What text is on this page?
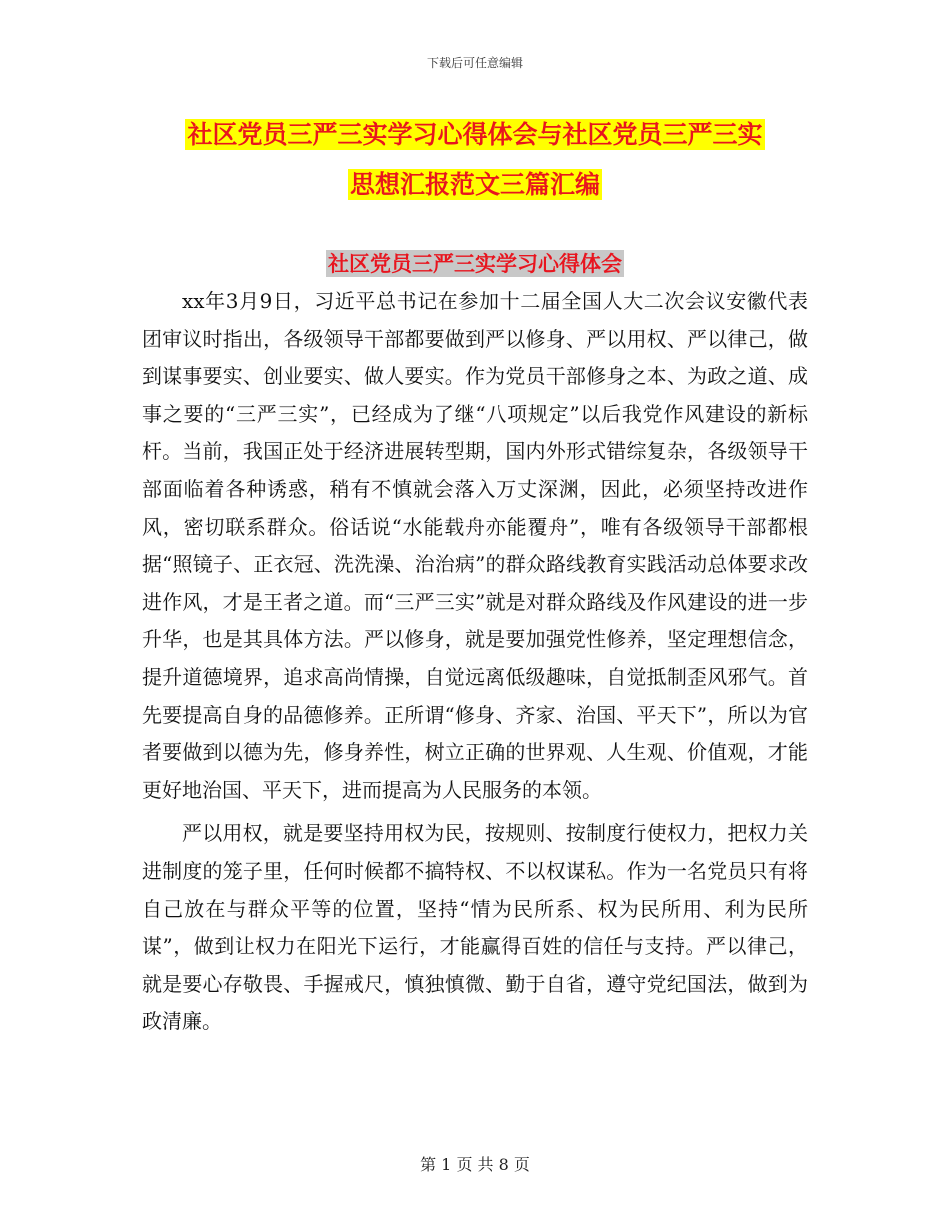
下载后可任意编辑
社区党员三严三实学习心得体会与社区党员三严三实
思想汇报范文三篇汇编
社区党员三严三实学习心得体会

xx年3月9日，习近平总书记在参加十二届全国人大二次会议安徽代表团审议时指出，各级领导干部都要做到严以修身、严以用权、严以律己，做到谋事要实、创业要实、做人要实。作为党员干部修身之本、为政之道、成事之要的“三严三实”，已经成为了继“八项规定”以后我党作风建设的新标杆。当前，我国正处于经济进展转型期，国内外形式错综复杂，各级领导干部面临着各种诱惑，稍有不慎就会落入万丈深渊，因此，必须坚持改进作风，密切联系群众。俗话说“水能载舟亦能覆舟”，唯有各级领导干部都根据“照镜子、正衣冠、洗洗澡、治治病”的群众路线教育实践活动总体要求改进作风，才是王者之道。而“三严三实”就是对群众路线及作风建设的进一步升华，也是其具体方法。严以修身，就是要加强党性修养，坚定理想信念，提升道德境界，追求高尚情操，自觉远离低级趣味，自觉抵制歪风邪气。首先要提高自身的品德修养。正所谓“修身、齐家、治国、平天下”，所以为官者要做到以德为先，修身养性，树立正确的世界观、人生观、价值观，才能更好地治国、平天下，进而提高为人民服务的本领。

严以用权，就是要坚持用权为民，按规则、按制度行使权力，把权力关进制度的笼子里，任何时候都不搞特权、不以权谋私。作为一名党员只有将自己放在与群众平等的位置，坚持“情为民所系、权为民所用、利为民所谋”，做到让权力在阳光下运行，才能赢得百姓的信任与支持。严以律己，就是要心存敬畏、手握戒尺，慎独慎微、勤于自省，遵守党纪国法，做到为政清廉。

第 1 页 共 8 页
